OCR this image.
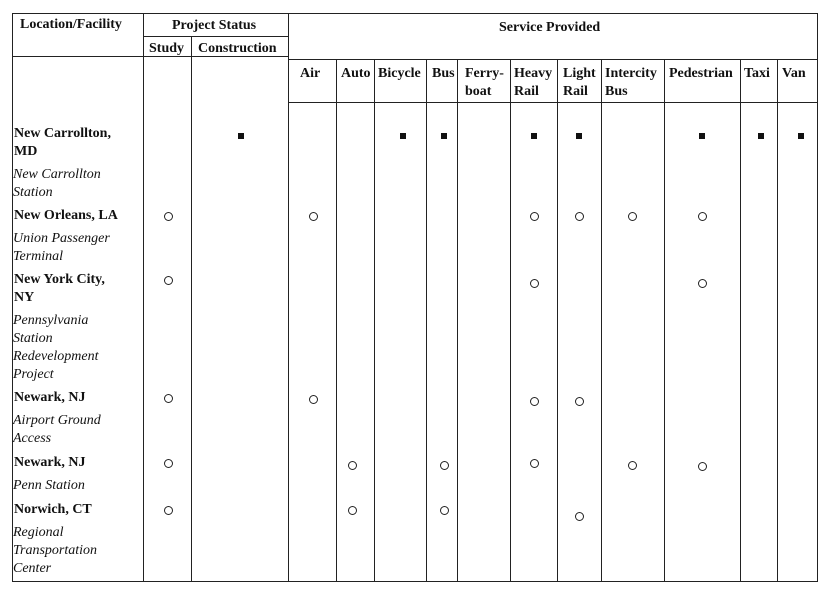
Location/Facility	Project Status	Service Provided
Study Construction
Air Auto Bicycle Bus Ferry-
boat
Heavy
Rail
Light
Rail
Intercity
Bus
Pedestrian Taxi Van
New Carrollton,
MD
New Carrollton
Station
New Orleans, LA
Union Passenger
Terminal
New York City,
NY
Pennsylvania
Station
Redevelopment
Project
Newark, NJ
Airport Ground
Access
Newark, NJ
Penn Station
Norwich, CT
Regional
Transportation
Center
